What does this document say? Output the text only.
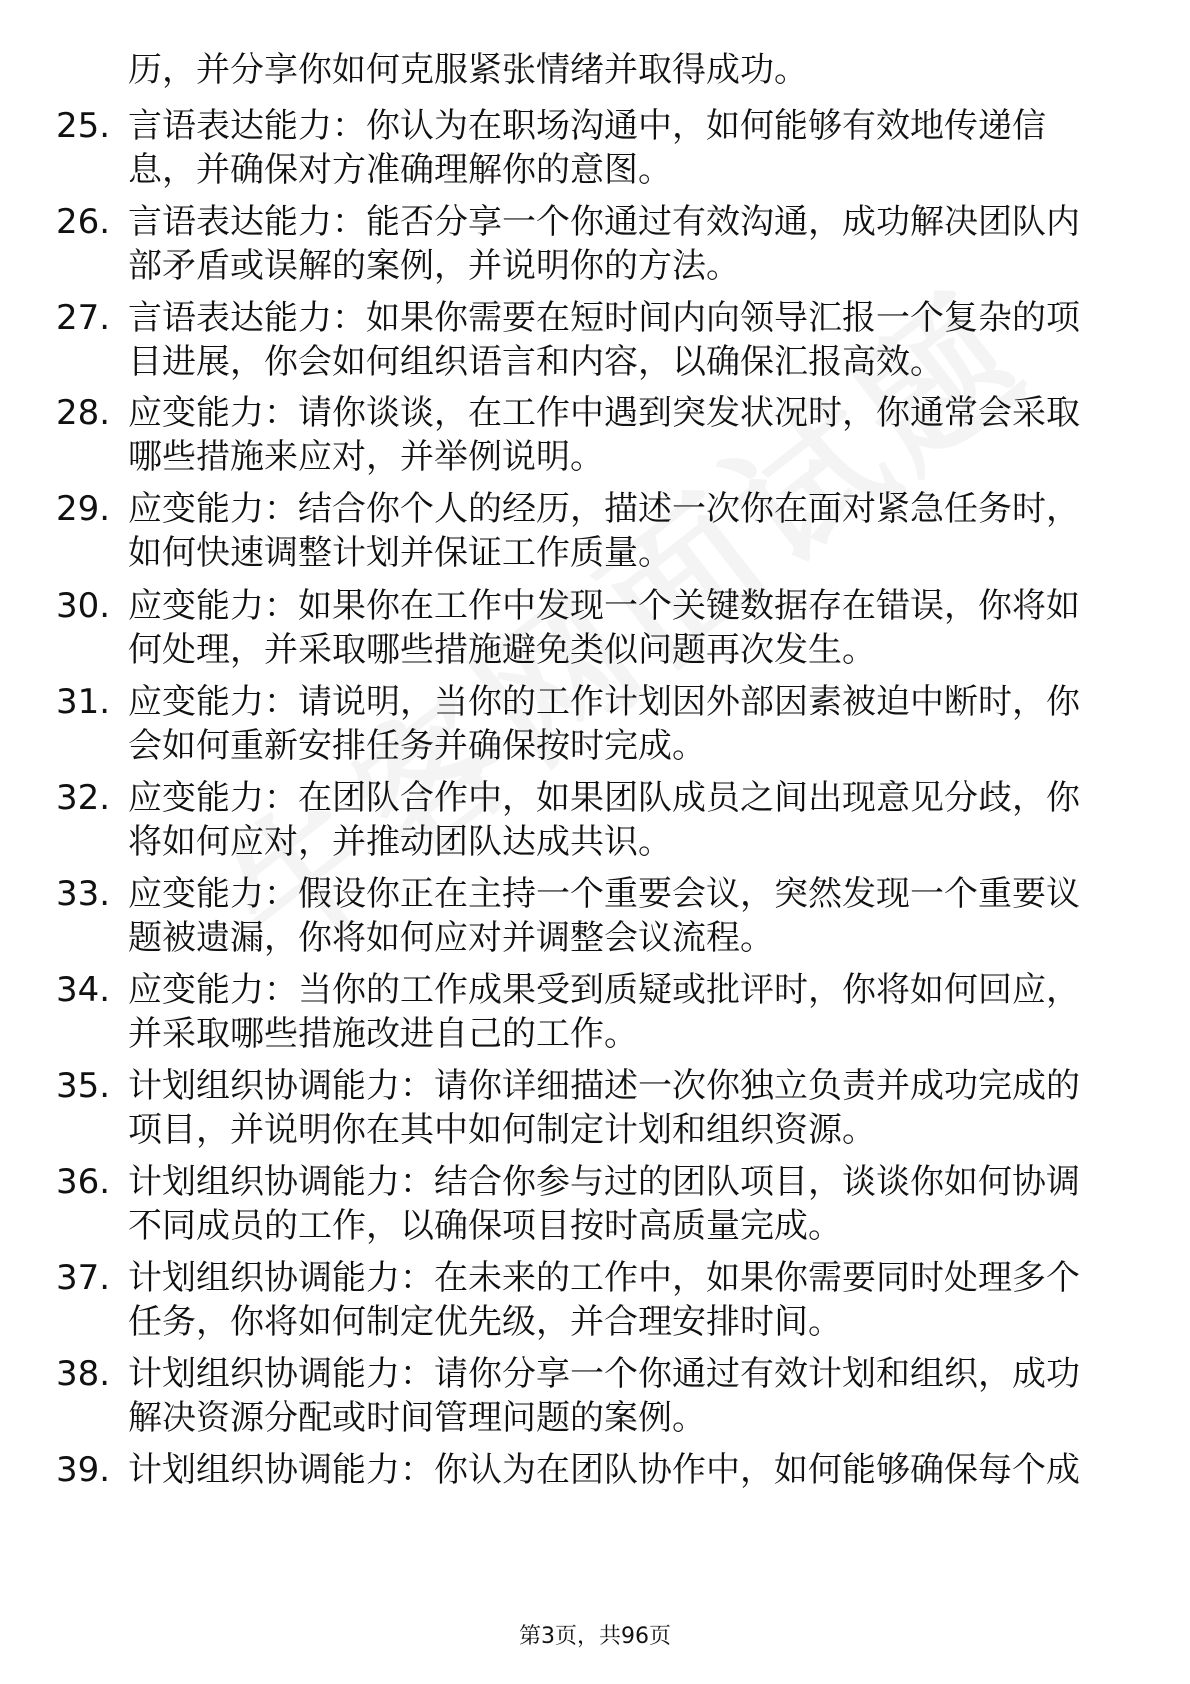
历，并分享你如何克服紧张情绪并取得成功。
25. 言语表达能力：你认为在职场沟通中，如何能够有效地传递信
息，并确保对方准确理解你的意图。
26. 言语表达能力：能否分享一个你通过有效沟通，成功解决团队内
部矛盾或误解的案例，并说明你的方法。
27. 言语表达能力：如果你需要在短时间内向领导汇报一个复杂的项
目进展，你会如何组织语言和内容，以确保汇报高效。
28. 应变能力：请你谈谈，在工作中遇到突发状况时，你通常会采取
哪些措施来应对，并举例说明。
29. 应变能力：结合你个人的经历，描述一次你在面对紧急任务时，
如何快速调整计划并保证工作质量。
30. 应变能力：如果你在工作中发现一个关键数据存在错误，你将如
何处理，并采取哪些措施避免类似问题再次发生。
31. 应变能力：请说明，当你的工作计划因外部因素被迫中断时，你
会如何重新安排任务并确保按时完成。
32. 应变能力：在团队合作中，如果团队成员之间出现意见分歧，你
将如何应对，并推动团队达成共识。
33. 应变能力：假设你正在主持一个重要会议，突然发现一个重要议
题被遗漏，你将如何应对并调整会议流程。
34. 应变能力：当你的工作成果受到质疑或批评时，你将如何回应，
并采取哪些措施改进自己的工作。
35. 计划组织协调能力：请你详细描述一次你独立负责并成功完成的
项目，并说明你在其中如何制定计划和组织资源。
36. 计划组织协调能力：结合你参与过的团队项目，谈谈你如何协调
不同成员的工作，以确保项目按时高质量完成。
37. 计划组织协调能力：在未来的工作中，如果你需要同时处理多个
任务，你将如何制定优先级，并合理安排时间。
38. 计划组织协调能力：请你分享一个你通过有效计划和组织，成功
解决资源分配或时间管理问题的案例。
39. 计划组织协调能力：你认为在团队协作中，如何能够确保每个成
第3页，共96页
